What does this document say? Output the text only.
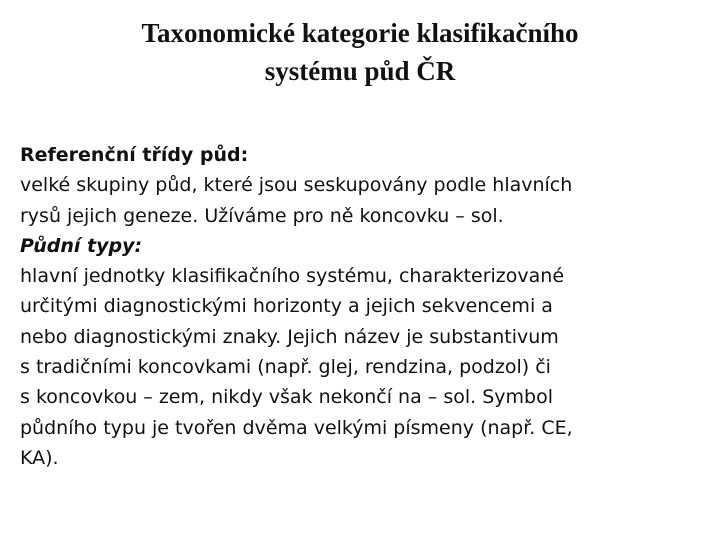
Taxonomické kategorie klasifikačního
systému půd ČR
Referenční třídy půd:
velké skupiny půd, které jsou seskupovány podle hlavních
rysů jejich geneze. Užíváme pro ně koncovku – sol.
Půdní typy:
hlavní jednotky klasifikačního systému, charakterizované
určitými diagnostickými horizonty a jejich sekvencemi a
nebo diagnostickými znaky. Jejich název je substantivum
s tradičními koncovkami (např. glej, rendzina, podzol) či
s koncovkou – zem, nikdy však nekončí na – sol. Symbol
půdního typu je tvořen dvěma velkými písmeny (např. CE,
KA).
